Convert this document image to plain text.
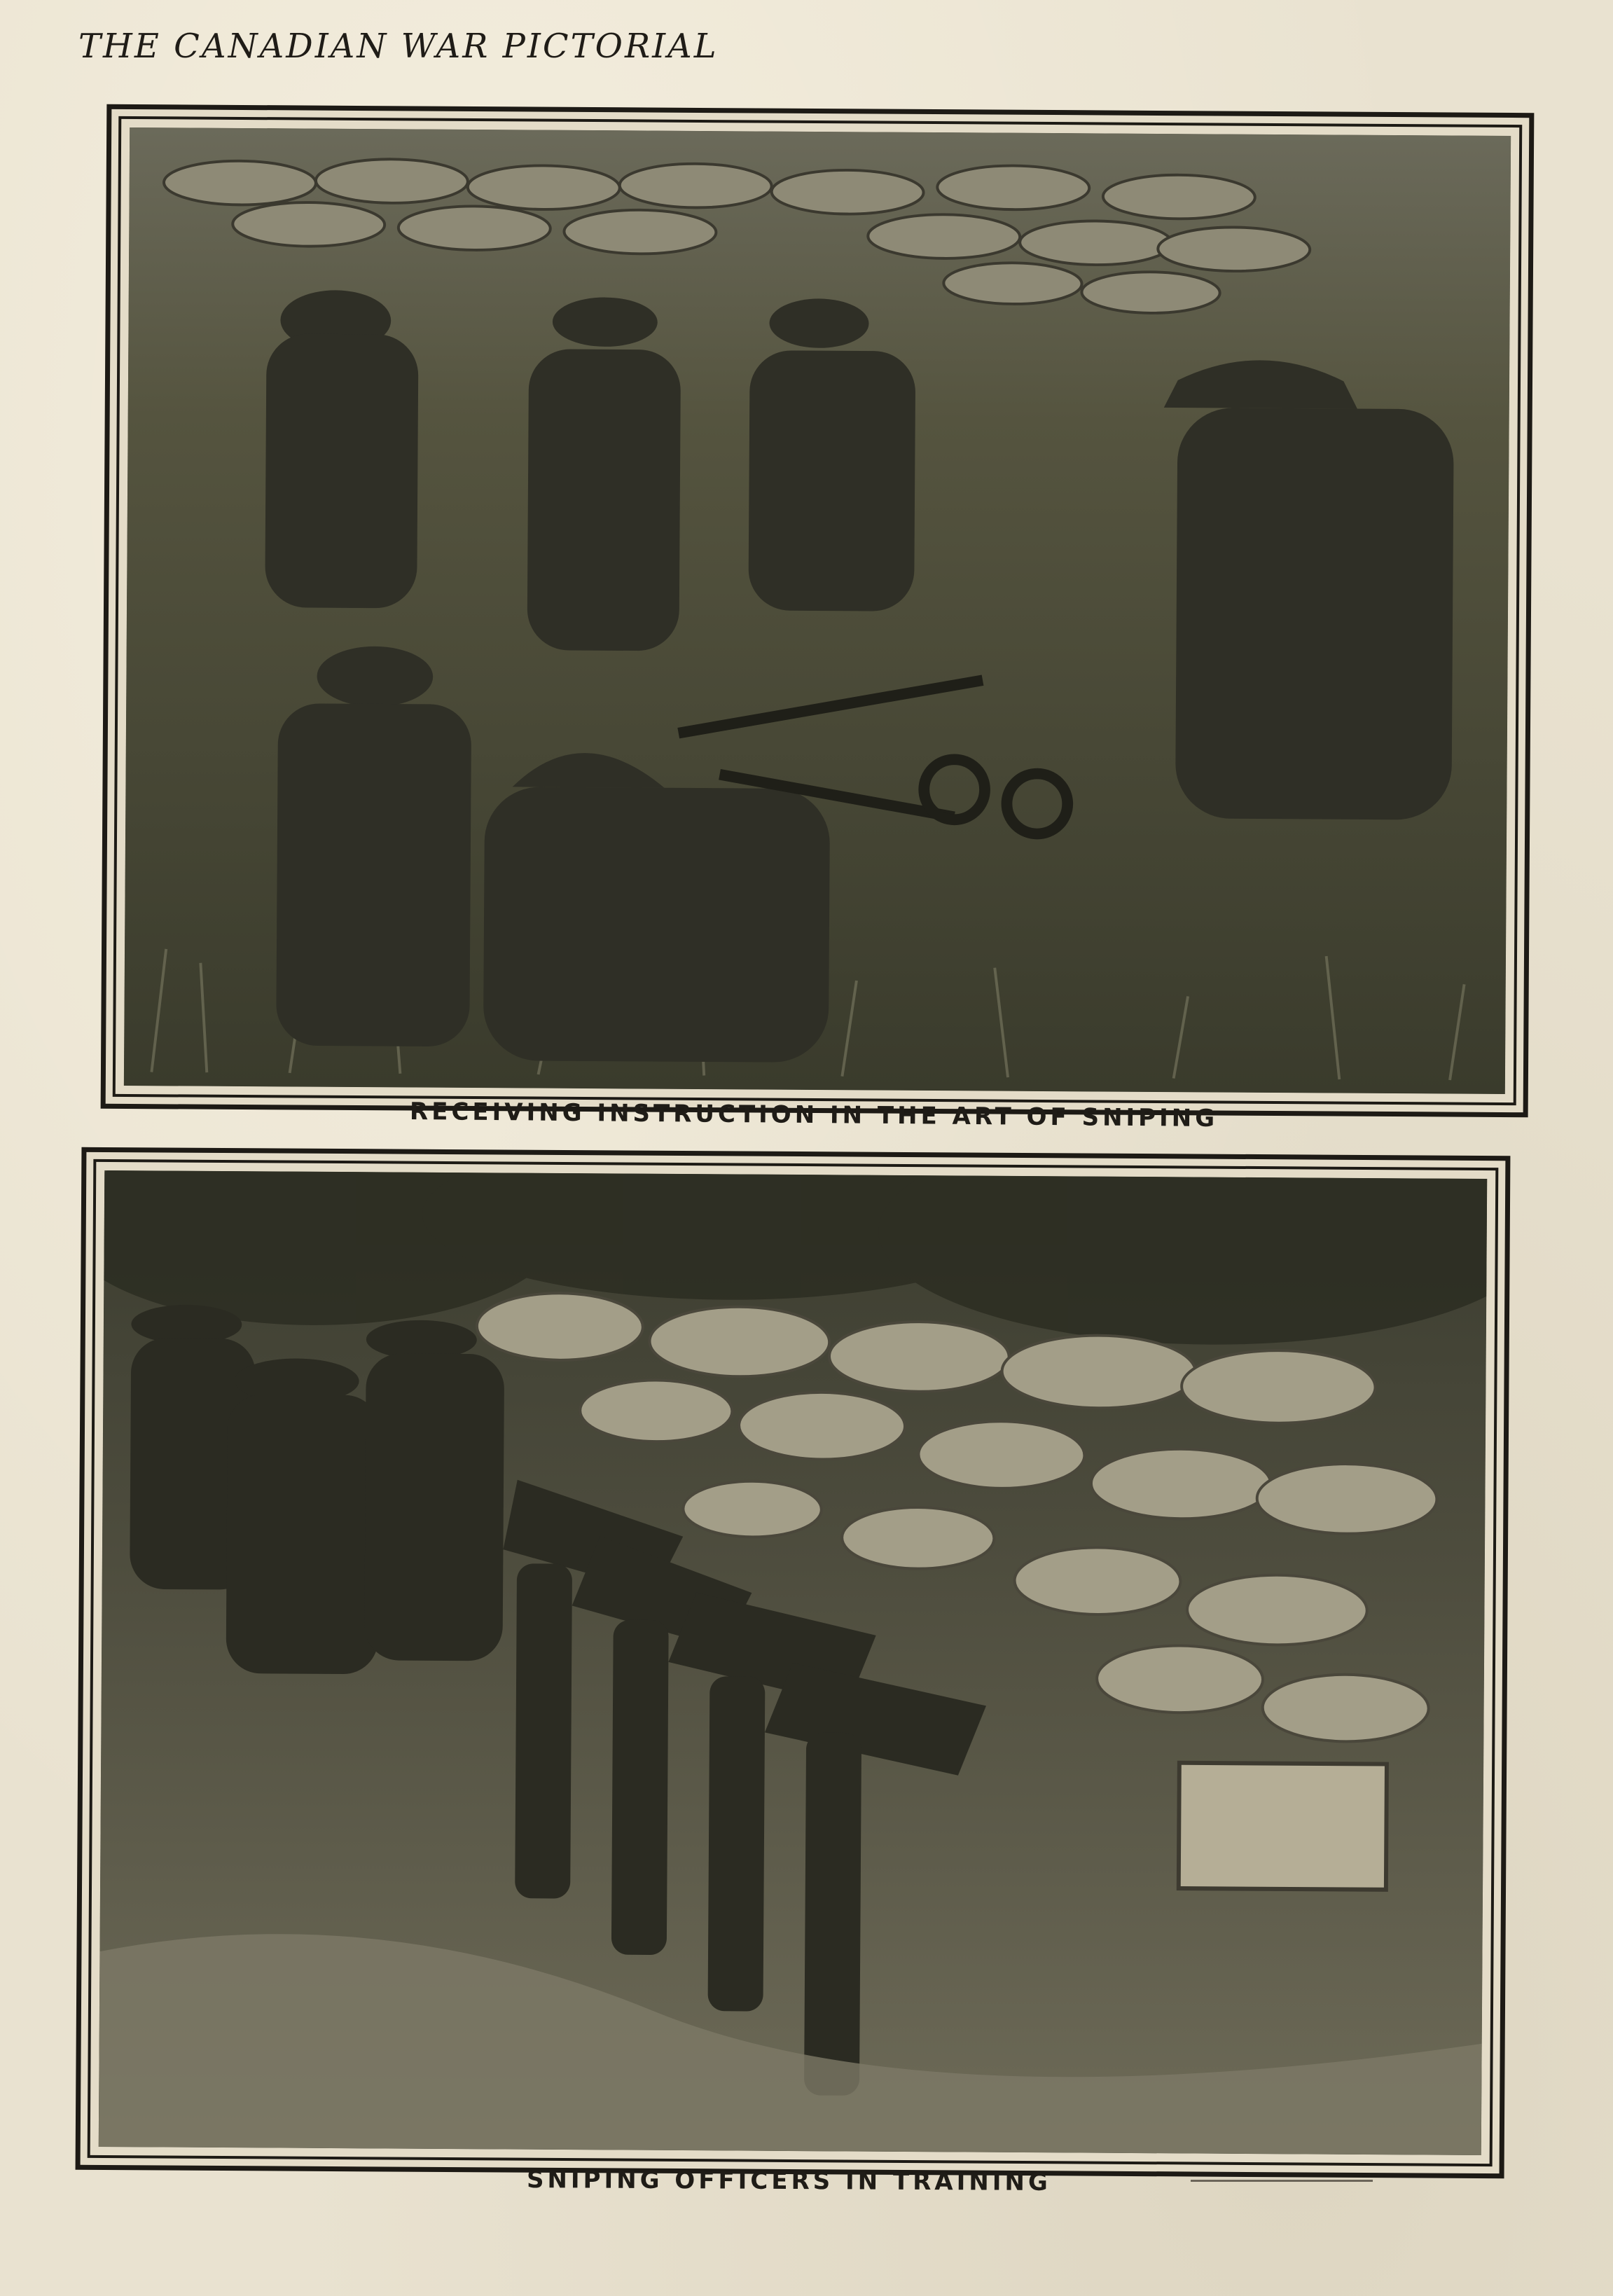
THE CANADIAN WAR PICTORIAL
RECEIVING INSTRUCTION IN THE ART OF SNIPING
SNIPING OFFICERS IN TRAINING
